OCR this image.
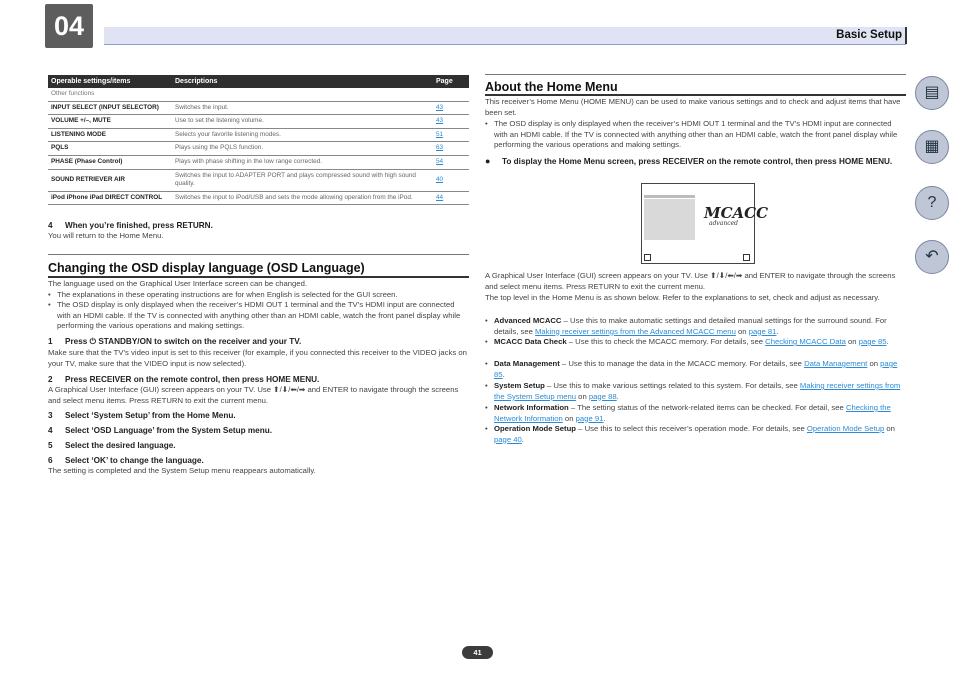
04	Basic Setup
Operable settings/items	Descriptions	Page
Other functions		
INPUT SELECT (INPUT SELECTOR)	Switches the input.	43
VOLUME +/–, MUTE	Use to set the listening volume.	43
LISTENING MODE	Selects your favorite listening modes.	51
PQLS	Plays using the PQLS function.	63
PHASE (Phase Control)	Plays with phase shifting in the low range corrected.	54
SOUND RETRIEVER AIR	Switches the input to ADAPTER PORT and plays compressed sound with high sound quality.	40
iPod iPhone iPad DIRECT CONTROL	Switches the input to iPod/USB and sets the mode allowing operation from the iPod.	44
4 When you’re finished, press RETURN.
You will return to the Home Menu.
Changing the OSD display language (OSD Language)
The language used on the Graphical User Interface screen can be changed.
• The explanations in these operating instructions are for when English is selected for the GUI screen.
• The OSD display is only displayed when the receiver’s HDMI OUT 1 terminal and the TV’s HDMI input are connected with an HDMI cable. If the TV is connected with anything other than an HDMI cable, watch the front panel display while performing the various operations and making settings.
1 Press ⏻ STANDBY/ON to switch on the receiver and your TV.
Make sure that the TV’s video input is set to this receiver (for example, if you connected this receiver to the VIDEO jacks on your TV, make sure that the VIDEO input is now selected).
2 Press RECEIVER on the remote control, then press HOME MENU.
A Graphical User Interface (GUI) screen appears on your TV. Use ⬆/⬇/⬅/➡ and ENTER to navigate through the screens and select menu items. Press RETURN to exit the current menu.
3 Select ‘System Setup’ from the Home Menu.
4 Select ‘OSD Language’ from the System Setup menu.
5 Select the desired language.
6 Select ‘OK’ to change the language.
The setting is completed and the System Setup menu reappears automatically.
About the Home Menu
This receiver’s Home Menu (HOME MENU) can be used to make various settings and to check and adjust items that have been set.
• The OSD display is only displayed when the receiver’s HDMI OUT 1 terminal and the TV’s HDMI input are connected with an HDMI cable. If the TV is connected with anything other than an HDMI cable, watch the front panel display while performing the various operations and making settings.
● To display the Home Menu screen, press RECEIVER on the remote control, then press HOME MENU.
MCACC
advanced
A Graphical User Interface (GUI) screen appears on your TV. Use ⬆/⬇/⬅/➡ and ENTER to navigate through the screens and select menu items. Press RETURN to exit the current menu.
The top level in the Home Menu is as shown below. Refer to the explanations to set, check and adjust as necessary.
• Advanced MCACC – Use this to make automatic settings and detailed manual settings for the surround sound. For details, see Making receiver settings from the Advanced MCACC menu on page 81.
• MCACC Data Check – Use this to check the MCACC memory. For details, see Checking MCACC Data on page 85.
• Data Management – Use this to manage the data in the MCACC memory. For details, see Data Management on page 85.
• System Setup – Use this to make various settings related to this system. For details, see Making receiver settings from the System Setup menu on page 88.
• Network Information – The setting status of the network-related items can be checked. For detail, see Checking the Network Information on page 91.
• Operation Mode Setup – Use this to select this receiver’s operation mode. For details, see Operation Mode Setup on page 40.
▤
▦
?
↶
41
